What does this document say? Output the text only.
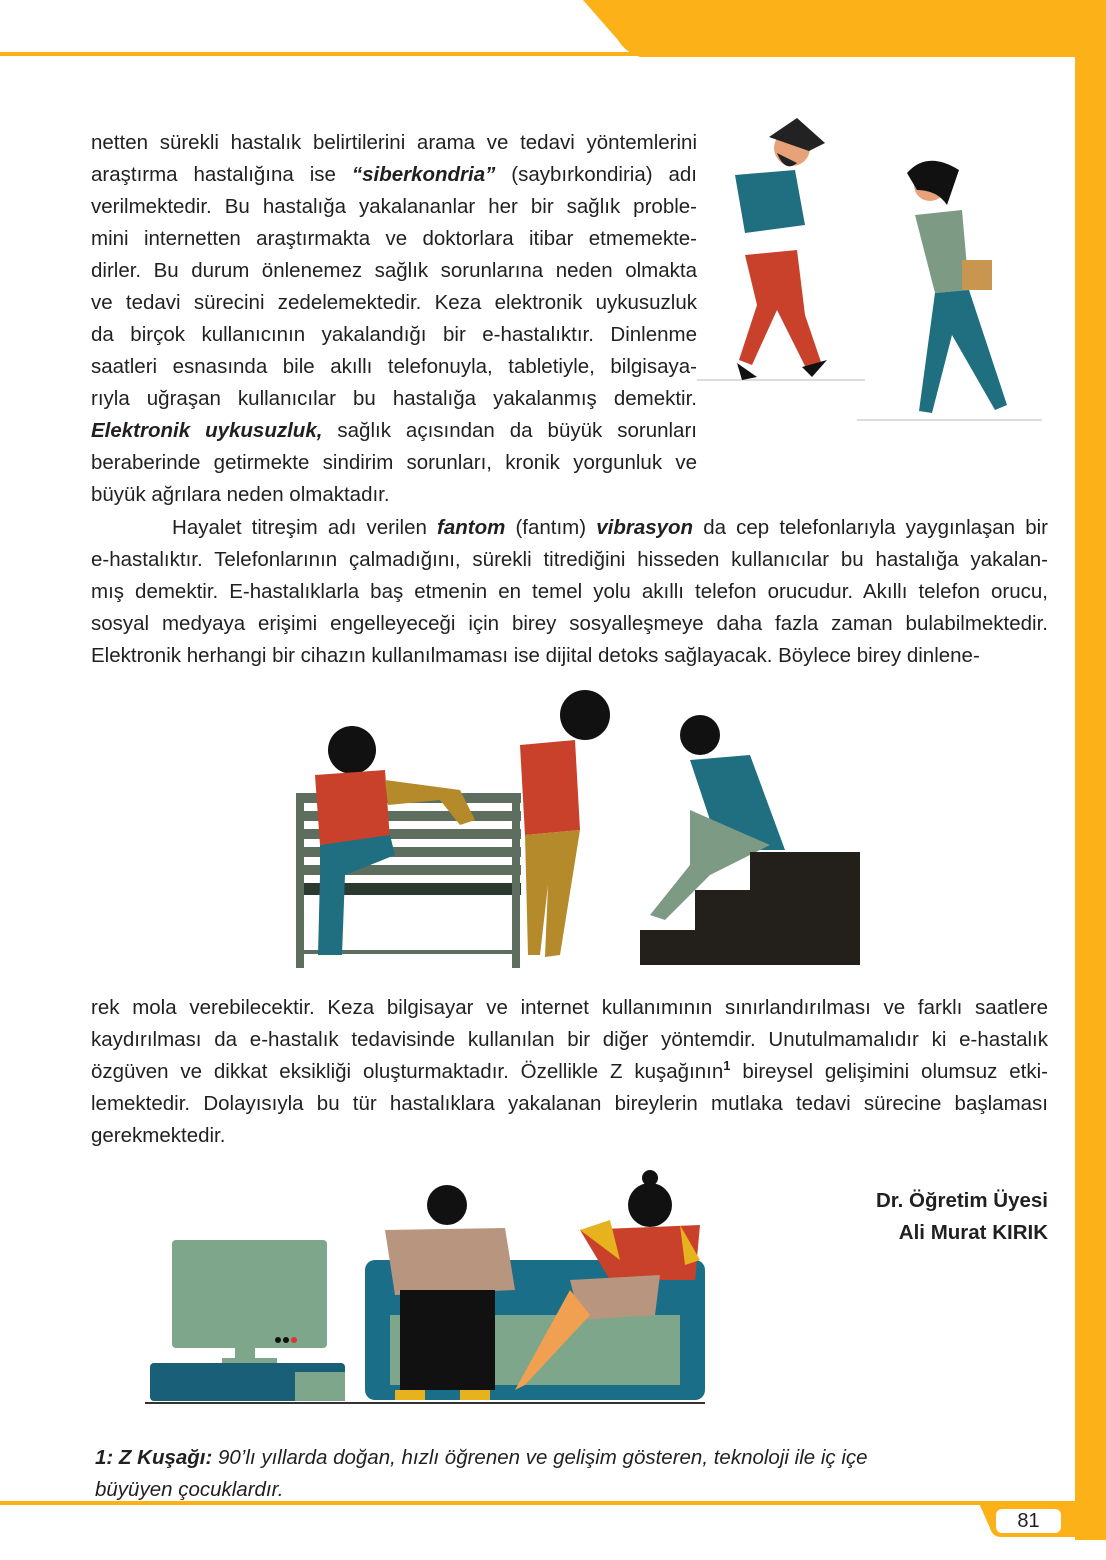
netten sürekli hastalık belirtilerini arama ve tedavi yöntemlerini
araştırma hastalığına ise “siberkondria” (saybırkondiria) adı
verilmektedir. Bu hastalığa yakalananlar her bir sağlık proble-
mini internetten araştırmakta ve doktorlara itibar etmemekte-
dirler. Bu durum önlenemez sağlık sorunlarına neden olmakta
ve tedavi sürecini zedelemektedir. Keza elektronik uykusuzluk
da birçok kullanıcının yakalandığı bir e-hastalıktır. Dinlenme
saatleri esnasında bile akıllı telefonuyla, tabletiyle, bilgisaya-
rıyla uğraşan kullanıcılar bu hastalığa yakalanmış demektir.
Elektronik uykusuzluk, sağlık açısından da büyük sorunları
beraberinde getirmekte sindirim sorunları, kronik yorgunluk ve
büyük ağrılara neden olmaktadır.
Hayalet titreşim adı verilen fantom (fantım) vibrasyon da cep telefonlarıyla yaygınlaşan bir
e-hastalıktır. Telefonlarının çalmadığını, sürekli titrediğini hisseden kullanıcılar bu hastalığa yakalan-
mış demektir. E-hastalıklarla baş etmenin en temel yolu akıllı telefon orucudur. Akıllı telefon orucu,
sosyal medyaya erişimi engelleyeceği için birey sosyalleşmeye daha fazla zaman bulabilmektedir.
Elektronik herhangi bir cihazın kullanılmaması ise dijital detoks sağlayacak. Böylece birey dinlene-
rek mola verebilecektir. Keza bilgisayar ve internet kullanımının sınırlandırılması ve farklı saatlere
kaydırılması da e-hastalık tedavisinde kullanılan bir diğer yöntemdir. Unutulmamalıdır ki e-hastalık
özgüven ve dikkat eksikliği oluşturmaktadır. Özellikle Z kuşağının$^1$ bireysel gelişimini olumsuz etki-
lemektedir. Dolayısıyla bu tür hastalıklara yakalanan bireylerin mutlaka tedavi sürecine başlaması
gerekmektedir.
Dr. Öğretim Üyesi
Ali Murat KIRIK
1: Z Kuşağı: 90’lı yıllarda doğan, hızlı öğrenen ve gelişim gösteren, teknoloji ile iç içe
büyüyen çocuklardır.
81
